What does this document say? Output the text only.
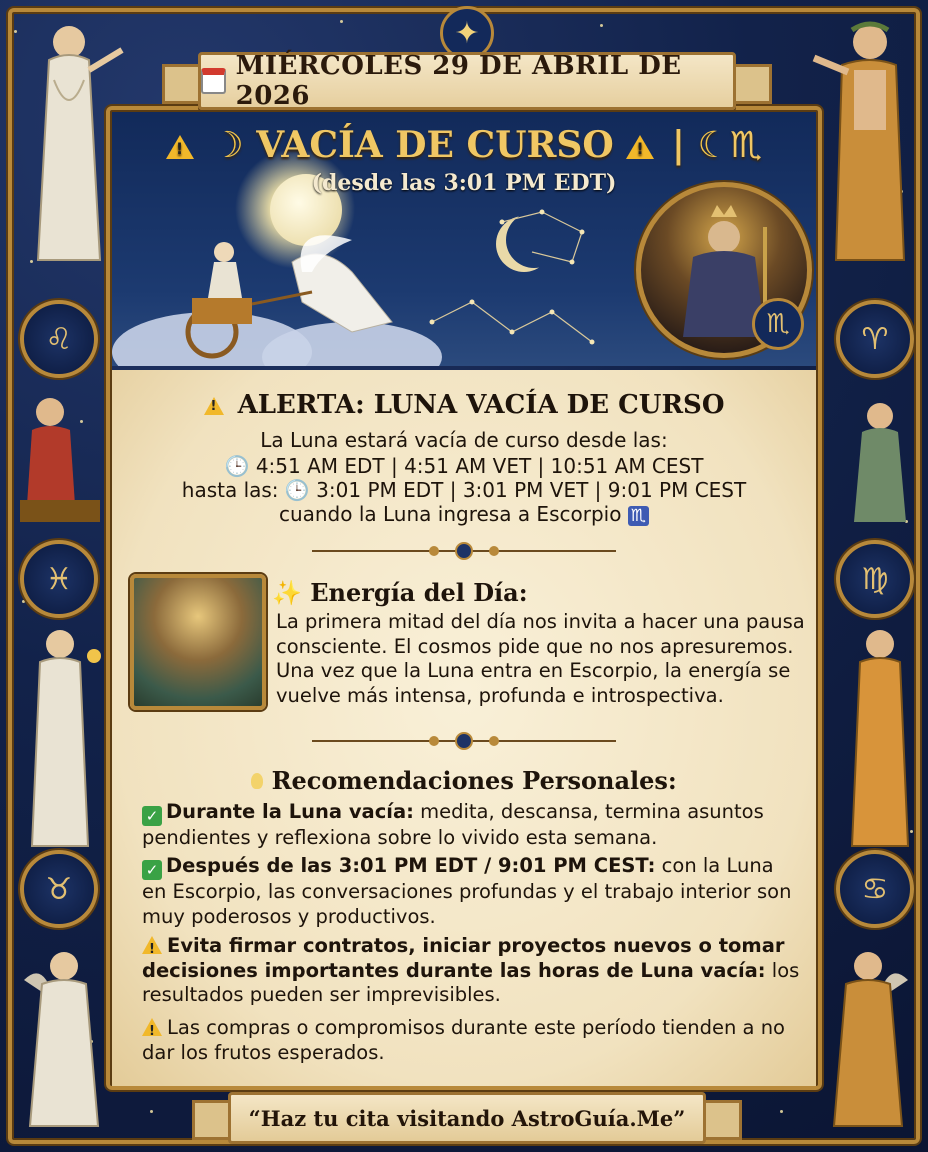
✦
♌
♓
♉
♈
♍
♋
! ☽ VACÍA DE CURSO ! | ☾♏
(desde las 3:01 PM EDT)
♏
MIÉRCOLES 29 DE ABRIL DE 2026
! ALERTA: LUNA VACÍA DE CURSO
La Luna estará vacía de curso desde las:
🕒 4:51 AM EDT | 4:51 AM VET | 10:51 AM CEST
hasta las: 🕒 3:01 PM EDT | 3:01 PM VET | 9:01 PM CEST
cuando la Luna ingresa a Escorpio ♏
✨ Energía del Día:
La primera mitad del día nos invita a hacer una pausa consciente. El cosmos pide que no nos apresuremos. Una vez que la Luna entra en Escorpio, la energía se vuelve más intensa, profunda e introspectiva.
Recomendaciones Personales:
✓ Durante la Luna vacía: medita, descansa, termina asuntos pendientes y reflexiona sobre lo vivido esta semana.
✓ Después de las 3:01 PM EDT / 9:01 PM CEST: con la Luna en Escorpio, las conversaciones profundas y el trabajo interior son muy poderosos y productivos.
!Evita firmar contratos, iniciar proyectos nuevos o tomar decisiones importantes durante las horas de Luna vacía: los resultados pueden ser imprevisibles.
!Las compras o compromisos durante este período tienden a no dar los frutos esperados.
“Haz tu cita visitando AstroGuía.Me”
